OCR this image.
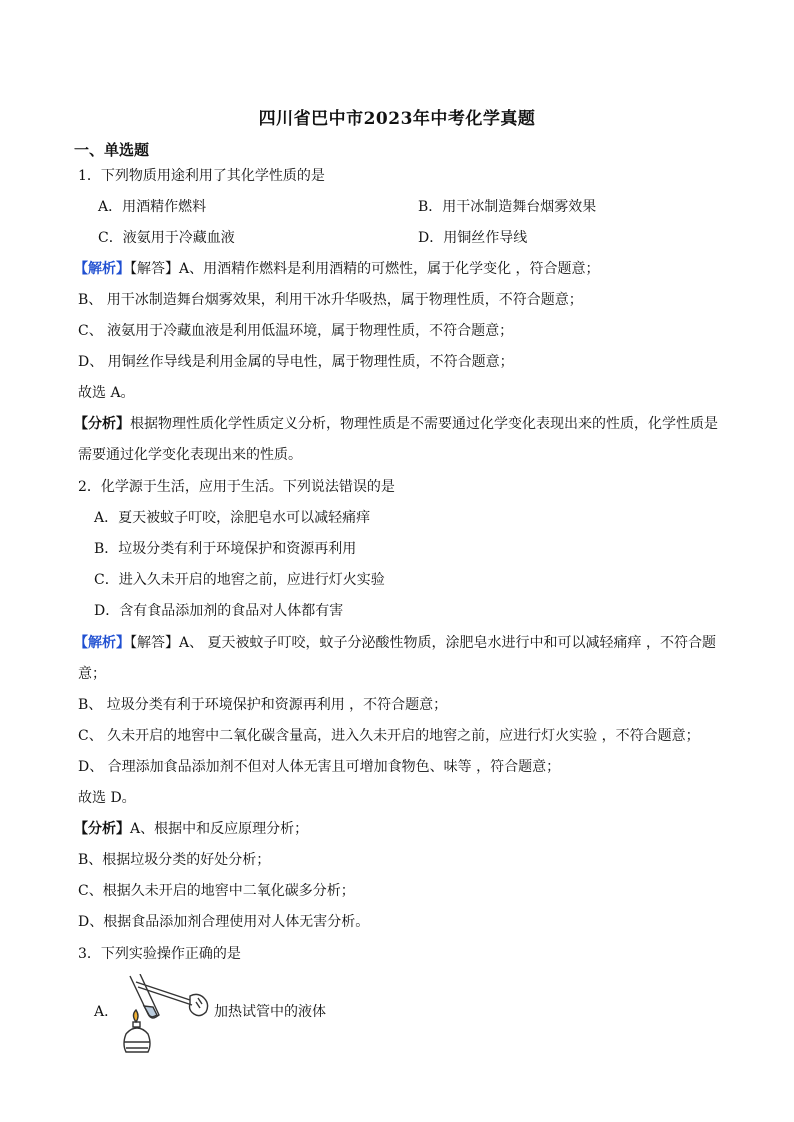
四川省巴中市2023年中考化学真题
一、单选题
1．下列物质用途利用了其化学性质的是
A．用酒精作燃料	B．用干冰制造舞台烟雾效果
C．液氨用于冷藏血液	D．用铜丝作导线
【解析】【解答】A、用酒精作燃料是利用酒精的可燃性，属于化学变化 ，符合题意；
B、 用干冰制造舞台烟雾效果，利用干冰升华吸热，属于物理性质，不符合题意；
C、 液氨用于冷藏血液是利用低温环境，属于物理性质，不符合题意；
D、 用铜丝作导线是利用金属的导电性，属于物理性质，不符合题意；
故选 A。
【分析】根据物理性质化学性质定义分析，物理性质是不需要通过化学变化表现出来的性质，化学性质是
需要通过化学变化表现出来的性质。
2．化学源于生活，应用于生活。下列说法错误的是
A．夏天被蚊子叮咬，涂肥皂水可以减轻痛痒
B．垃圾分类有利于环境保护和资源再利用
C．进入久未开启的地窖之前，应进行灯火实验
D．含有食品添加剂的食品对人体都有害
【解析】【解答】A、 夏天被蚊子叮咬，蚊子分泌酸性物质，涂肥皂水进行中和可以减轻痛痒 ，不符合题
意；
B、 垃圾分类有利于环境保护和资源再利用 ，不符合题意；
C、 久未开启的地窖中二氧化碳含量高，进入久未开启的地窖之前，应进行灯火实验 ，不符合题意；
D、 合理添加食品添加剂不但对人体无害且可增加食物色、味等 ，符合题意；
故选 D。
【分析】A、根据中和反应原理分析；
B、根据垃圾分类的好处分析；
C、根据久未开启的地窖中二氧化碳多分析；
D、根据食品添加剂合理使用对人体无害分析。
3．下列实验操作正确的是
A．	加热试管中的液体
